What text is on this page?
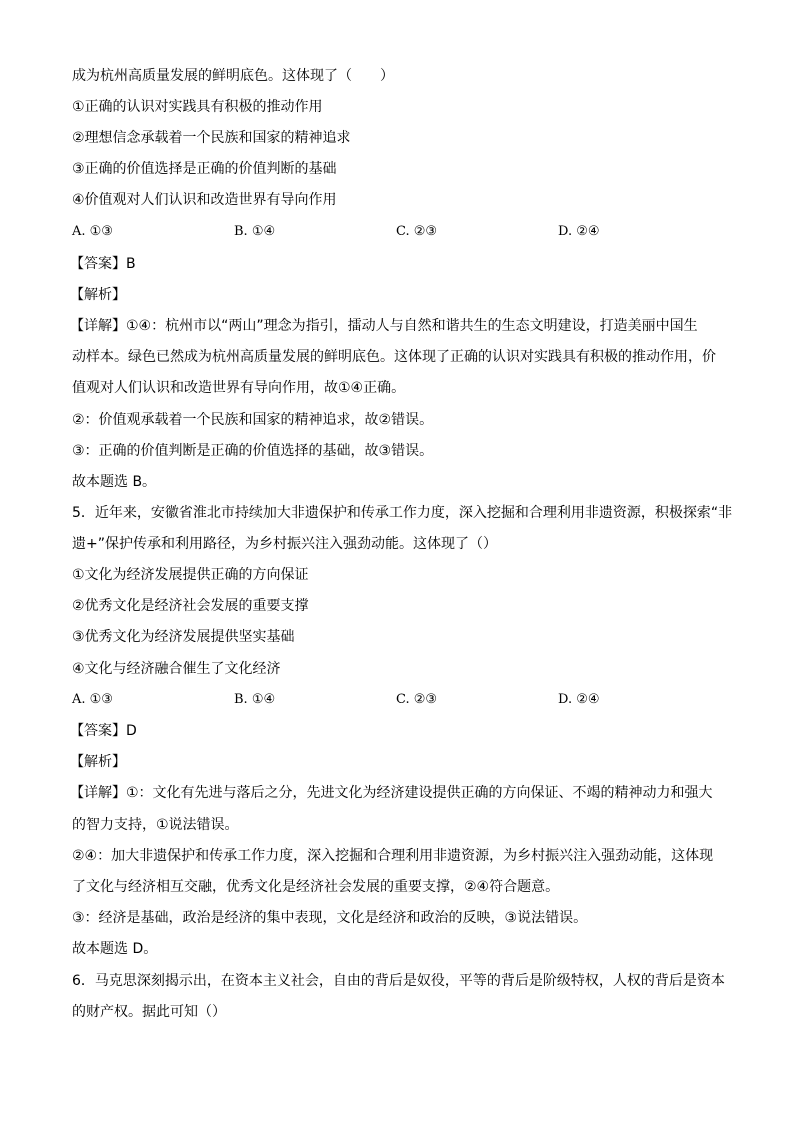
成为杭州高质量发展的鲜明底色。这体现了（　　）
①正确的认识对实践具有积极的推动作用
②理想信念承载着一个民族和国家的精神追求
③正确的价值选择是正确的价值判断的基础
④价值观对人们认识和改造世界有导向作用
A. ①③	B. ①④	C. ②③	D. ②④
【答案】B
【解析】
【详解】①④：杭州市以“两山”理念为指引，擂动人与自然和谐共生的生态文明建设，打造美丽中国生
动样本。绿色已然成为杭州高质量发展的鲜明底色。这体现了正确的认识对实践具有积极的推动作用，价
值观对人们认识和改造世界有导向作用，故①④正确。
②：价值观承载着一个民族和国家的精神追求，故②错误。
③：正确的价值判断是正确的价值选择的基础，故③错误。
故本题选 B。
5．近年来，安徽省淮北市持续加大非遗保护和传承工作力度，深入挖掘和合理利用非遗资源，积极探索“非
遗+”保护传承和利用路径，为乡村振兴注入强劲动能。这体现了（）
①文化为经济发展提供正确的方向保证
②优秀文化是经济社会发展的重要支撑
③优秀文化为经济发展提供坚实基础
④文化与经济融合催生了文化经济
A. ①③	B. ①④	C. ②③	D. ②④
【答案】D
【解析】
【详解】①：文化有先进与落后之分，先进文化为经济建设提供正确的方向保证、不竭的精神动力和强大
的智力支持，①说法错误。
②④：加大非遗保护和传承工作力度，深入挖掘和合理利用非遗资源，为乡村振兴注入强劲动能，这体现
了文化与经济相互交融，优秀文化是经济社会发展的重要支撑，②④符合题意。
③：经济是基础，政治是经济的集中表现，文化是经济和政治的反映，③说法错误。
故本题选 D。
6．马克思深刻揭示出，在资本主义社会，自由的背后是奴役，平等的背后是阶级特权，人权的背后是资本
的财产权。据此可知（）
